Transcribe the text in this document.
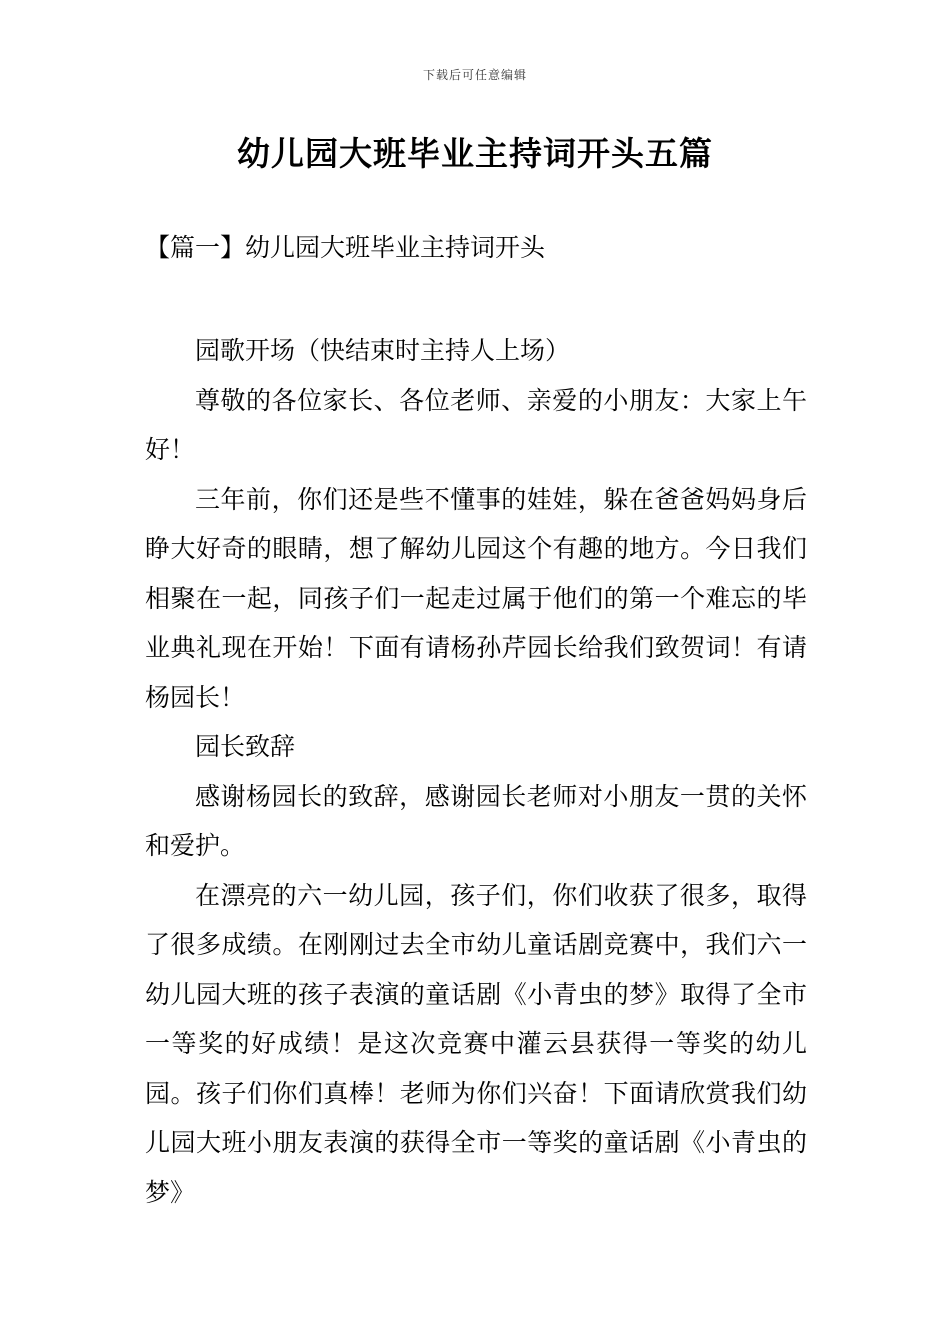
下载后可任意编辑
幼儿园大班毕业主持词开头五篇
【篇一】幼儿园大班毕业主持词开头

园歌开场（快结束时主持人上场）

尊敬的各位家长、各位老师、亲爱的小朋友：大家上午好！

三年前，你们还是些不懂事的娃娃，躲在爸爸妈妈身后睁大好奇的眼睛，想了解幼儿园这个有趣的地方。今日我们相聚在一起，同孩子们一起走过属于他们的第一个难忘的毕业典礼现在开始！下面有请杨孙芹园长给我们致贺词！有请杨园长！

园长致辞

感谢杨园长的致辞，感谢园长老师对小朋友一贯的关怀和爱护。

在漂亮的六一幼儿园，孩子们，你们收获了很多，取得了很多成绩。在刚刚过去全市幼儿童话剧竞赛中，我们六一幼儿园大班的孩子表演的童话剧《小青虫的梦》取得了全市一等奖的好成绩！是这次竞赛中灌云县获得一等奖的幼儿园。孩子们你们真棒！老师为你们兴奋！下面请欣赏我们幼儿园大班小朋友表演的获得全市一等奖的童话剧《小青虫的梦》
